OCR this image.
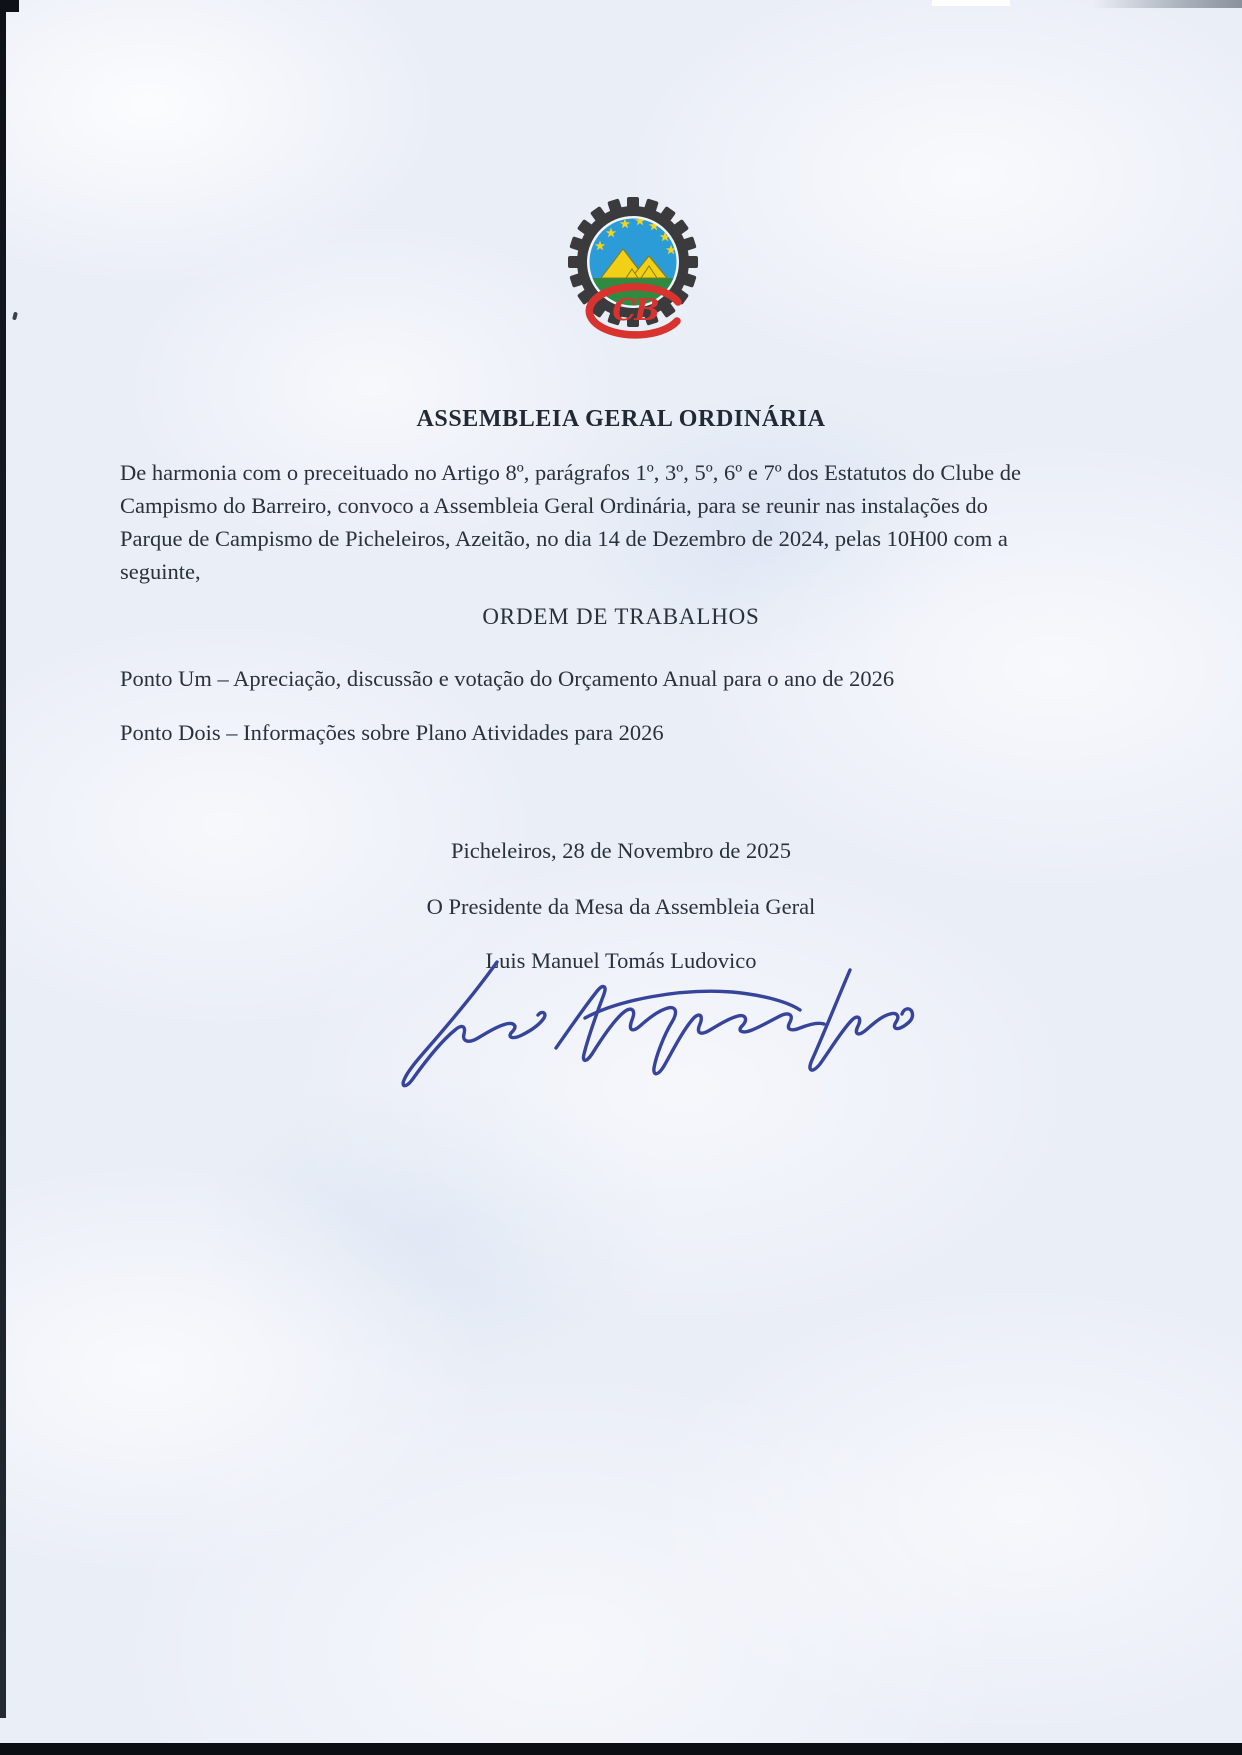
CB
ASSEMBLEIA GERAL ORDINÁRIA
De harmonia com o preceituado no Artigo 8º, parágrafos 1º, 3º, 5º, 6º e 7º dos Estatutos do Clube de
Campismo do Barreiro, convoco a Assembleia Geral Ordinária, para se reunir nas instalações do
Parque de Campismo de Picheleiros, Azeitão, no dia 14 de Dezembro de 2024, pelas 10H00 com a
seguinte,
ORDEM DE TRABALHOS
Ponto Um – Apreciação, discussão e votação do Orçamento Anual para o ano de 2026
Ponto Dois – Informações sobre Plano Atividades para 2026
Picheleiros, 28 de Novembro de 2025
O Presidente da Mesa da Assembleia Geral
Luis Manuel Tomás Ludovico
